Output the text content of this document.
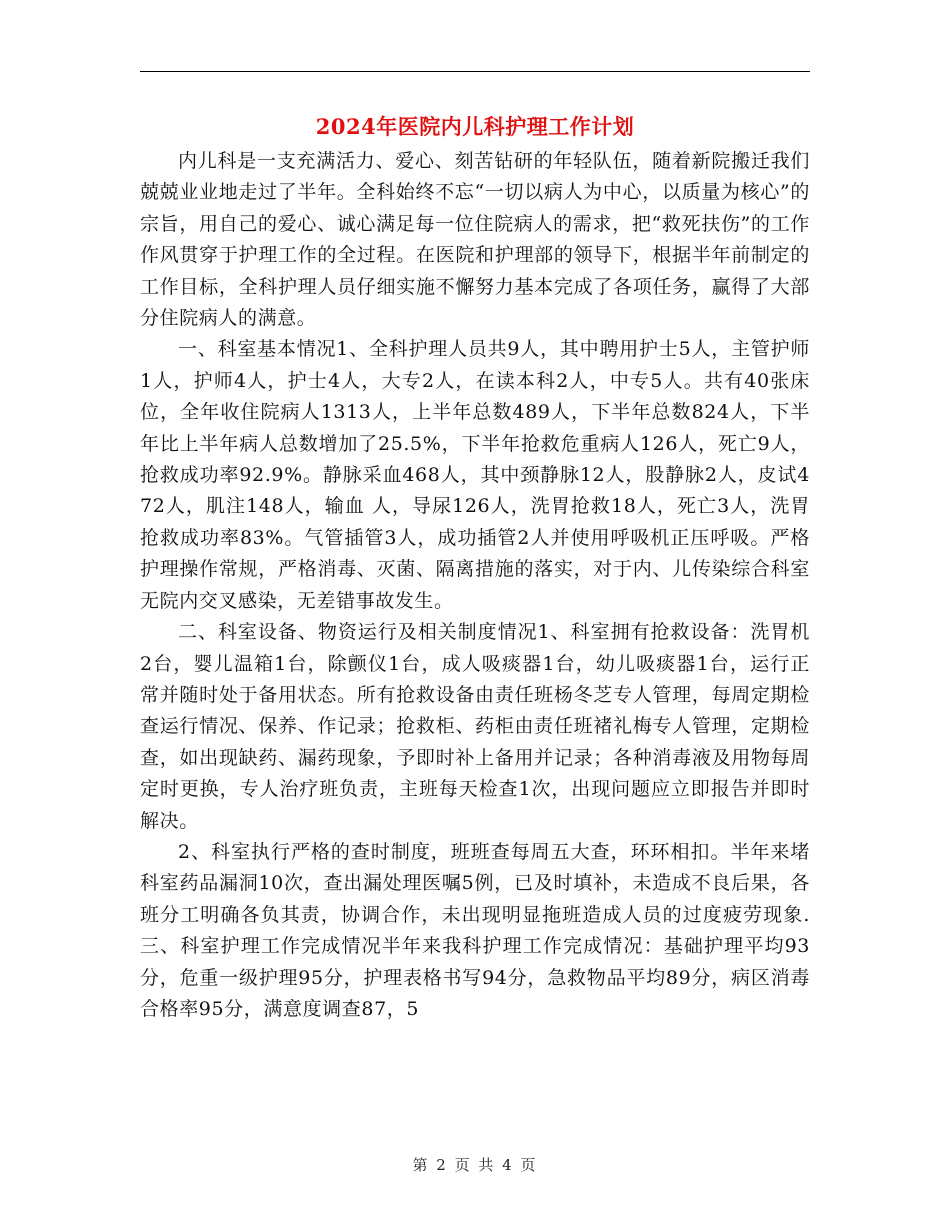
2024年医院内儿科护理工作计划

内儿科是一支充满活力、爱心、刻苦钻研的年轻队伍，随着新院搬迁我们兢兢业业地走过了半年。全科始终不忘“一切以病人为中心，以质量为核心”的宗旨，用自己的爱心、诚心满足每一位住院病人的需求，把“救死扶伤”的工作作风贯穿于护理工作的全过程。在医院和护理部的领导下，根据半年前制定的工作目标，全科护理人员仔细实施不懈努力基本完成了各项任务，赢得了大部分住院病人的满意。

一、科室基本情况1、全科护理人员共9人，其中聘用护士5人，主管护师1人，护师4人，护士4人，大专2人，在读本科2人，中专5人。共有40张床位，全年收住院病人1313人，上半年总数489人，下半年总数824人，下半年比上半年病人总数增加了25.5%，下半年抢救危重病人126人，死亡9人，抢救成功率92.9%。静脉采血468人，其中颈静脉12人，股静脉2人，皮试472人，肌注148人，输血 人，导尿126人，洗胃抢救18人，死亡3人，洗胃抢救成功率83%。气管插管3人，成功插管2人并使用呼吸机正压呼吸。严格护理操作常规，严格消毒、灭菌、隔离措施的落实，对于内、儿传染综合科室无院内交叉感染，无差错事故发生。

二、科室设备、物资运行及相关制度情况1、科室拥有抢救设备：洗胃机2台，婴儿温箱1台，除颤仪1台，成人吸痰器1台，幼儿吸痰器1台，运行正常并随时处于备用状态。所有抢救设备由责任班杨冬芝专人管理，每周定期检查运行情况、保养、作记录；抢救柜、药柜由责任班褚礼梅专人管理，定期检查，如出现缺药、漏药现象，予即时补上备用并记录；各种消毒液及用物每周定时更换，专人治疗班负责，主班每天检查1次，出现问题应立即报告并即时解决。

2、科室执行严格的查时制度，班班查每周五大查，环环相扣。半年来堵科室药品漏洞10次，查出漏处理医嘱5例，已及时填补，未造成不良后果，各班分工明确各负其责，协调合作，未出现明显拖班造成人员的过度疲劳现象.三、科室护理工作完成情况半年来我科护理工作完成情况：基础护理平均93分，危重一级护理95分，护理表格书写94分，急救物品平均89分，病区消毒合格率95分，满意度调查87，5

第 2 页 共 4 页
